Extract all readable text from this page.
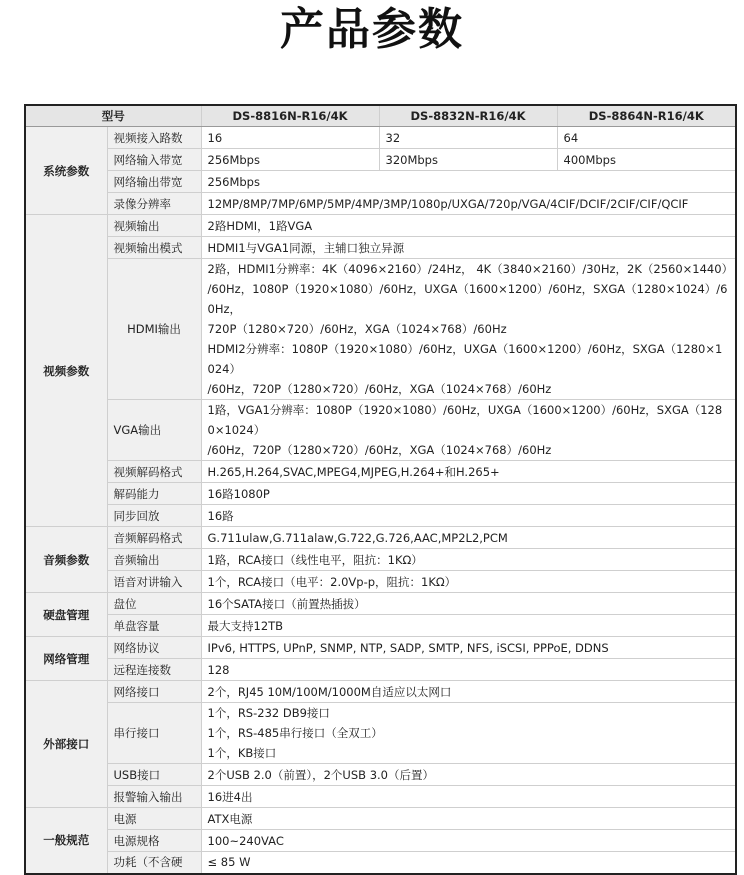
产品参数
型号		DS-8816N-R16/4K	DS-8832N-R16/4K	DS-8864N-R16/4K
系统参数	视频接入路数	16	32	64
	网络输入带宽	256Mbps	320Mbps	400Mbps
	网络输出带宽	256Mbps		
	录像分辨率	12MP/8MP/7MP/6MP/5MP/4MP/3MP/1080p/UXGA/720p/VGA/4CIF/DCIF/2CIF/CIF/QCIF		
视频参数	视频输出	2路HDMI，1路VGA		
	视频输出模式	HDMI1与VGA1同源，主辅口独立异源		
	HDMI输出	2路，HDMI1分辨率：4K（4096×2160）/24Hz， 4K（3840×2160）/30Hz，2K（2560×1440）
/60Hz，1080P（1920×1080）/60Hz，UXGA（1600×1200）/60Hz，SXGA（1280×1024）/60Hz，
720P（1280×720）/60Hz，XGA（1024×768）/60Hz
HDMI2分辨率：1080P（1920×1080）/60Hz，UXGA（1600×1200）/60Hz，SXGA（1280×1024）
/60Hz，720P（1280×720）/60Hz，XGA（1024×768）/60Hz		

	VGA输出	1路，VGA1分辨率：1080P（1920×1080）/60Hz，UXGA（1600×1200）/60Hz，SXGA（1280×1024）
/60Hz，720P（1280×720）/60Hz，XGA（1024×768）/60Hz		

	视频解码格式	H.265,H.264,SVAC,MPEG4,MJPEG,H.264+和H.265+		
	解码能力	16路1080P		
	同步回放	16路		
音频参数	音频解码格式	G.711ulaw,G.711alaw,G.722,G.726,AAC,MP2L2,PCM		
	音频输出	1路，RCA接口（线性电平，阻抗：1KΩ）		
	语音对讲输入	1个，RCA接口（电平：2.0Vp-p，阻抗：1KΩ）		
硬盘管理	盘位	16个SATA接口（前置热插拔）		
	单盘容量	最大支持12TB		
网络管理	网络协议	IPv6, HTTPS, UPnP, SNMP, NTP, SADP, SMTP, NFS, iSCSI, PPPoE, DDNS		
	远程连接数	128		
外部接口	网络接口	2个，RJ45 10M/100M/1000M自适应以太网口		
	串行接口	1个，RS-232 DB9接口
1个，RS-485串行接口（全双工）
1个，KB接口		

	USB接口	2个USB 2.0（前置），2个USB 3.0（后置）		
	报警输入输出	16进4出		
一般规范	电源	ATX电源		
	电源规格	100~240VAC		
	功耗（不含硬	≤ 85 W		
